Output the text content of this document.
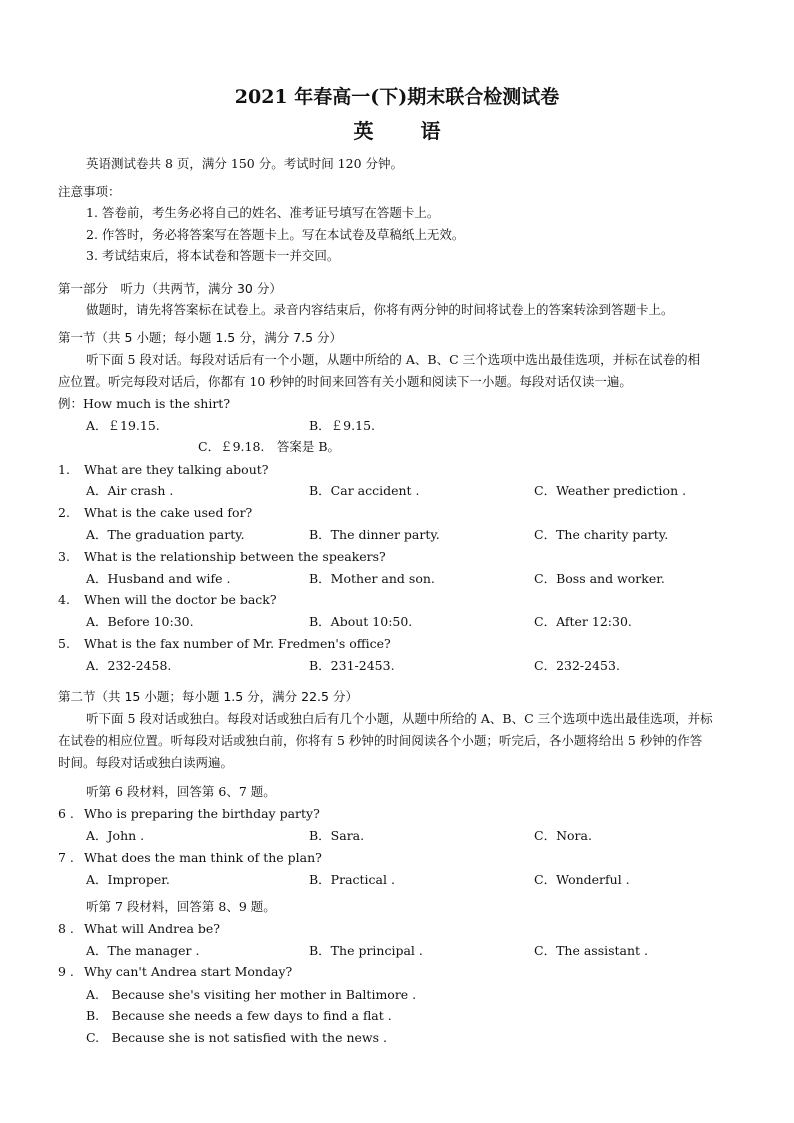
2021 年春高一(下)期末联合检测试卷
英 语
英语测试卷共 8 页，满分 150 分。考试时间 120 分钟。
注意事项：
1. 答卷前，考生务必将自己的姓名、准考证号填写在答题卡上。
2. 作答时，务必将答案写在答题卡上。写在本试卷及草稿纸上无效。
3. 考试结束后，将本试卷和答题卡一并交回。
第一部分　听力（共两节，满分 30 分）
做题时，请先将答案标在试卷上。录音内容结束后，你将有两分钟的时间将试卷上的答案转涂到答题卡上。
第一节（共 5 小题；每小题 1.5 分，满分 7.5 分）
听下面 5 段对话。每段对话后有一个小题，从题中所给的 A、B、C 三个选项中选出最佳选项，并标在试卷的相
应位置。听完每段对话后，你都有 10 秒钟的时间来回答有关小题和阅读下一小题。每段对话仅读一遍。
例：How much is the shirt?
A．￡19.15.	B．￡9.15.
C．￡9.18.　答案是 B。
1. What are they talking about?
A．Air crash .	B．Car accident .	C．Weather prediction .
2. What is the cake used for?
A．The graduation party.	B．The dinner party.	C．The charity party.
3. What is the relationship between the speakers?
A．Husband and wife .	B．Mother and son.	C．Boss and worker.
4. When will the doctor be back?
A．Before 10:30.	B．About 10:50.	C．After 12:30.
5. What is the fax number of Mr. Fredmen's office?
A．232-2458.	B．231-2453.	C．232-2453.
第二节（共 15 小题；每小题 1.5 分，满分 22.5 分）
听下面 5 段对话或独白。每段对话或独白后有几个小题，从题中所给的 A、B、C 三个选项中选出最佳选项，并标
在试卷的相应位置。听每段对话或独白前，你将有 5 秒钟的时间阅读各个小题；听完后，各小题将给出 5 秒钟的作答
时间。每段对话或独白读两遍。
听第 6 段材料，回答第 6、7 题。
6 . Who is preparing the birthday party?
A．John .	B．Sara.	C．Nora.
7 . What does the man think of the plan?
A．Improper.	B．Practical .	C．Wonderful .
听第 7 段材料，回答第 8、9 题。
8 . What will Andrea be?
A．The manager .	B．The principal .	C．The assistant .
9 . Why can't Andrea start Monday?
A.　Because she's visiting her mother in Baltimore .
B.　Because she needs a few days to find a flat .
C.　Because she is not satisfied with the news .
